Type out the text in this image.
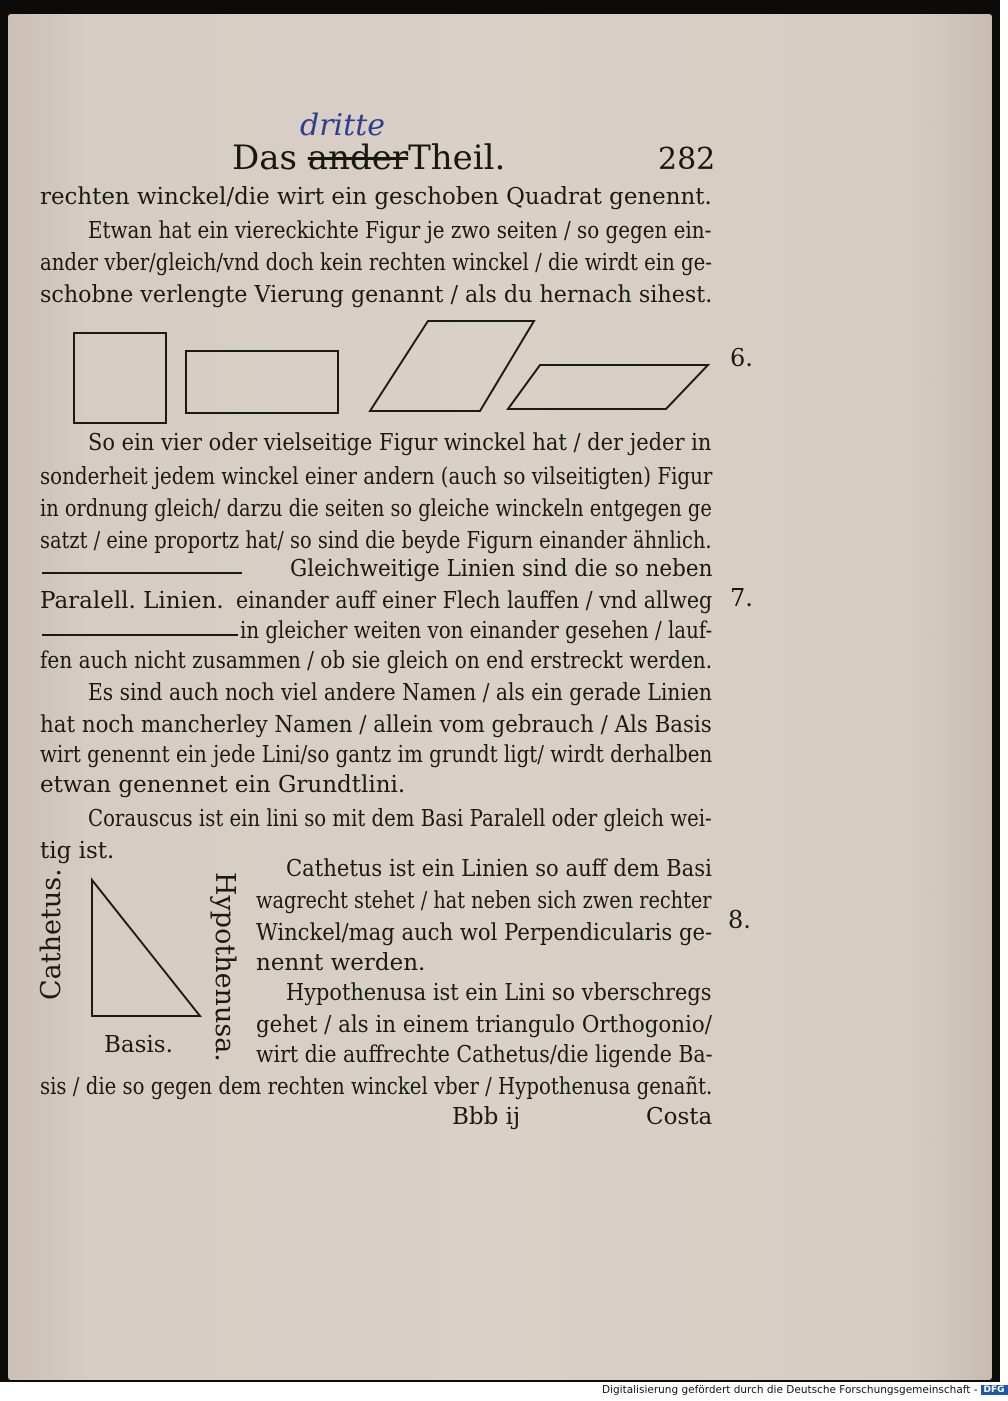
dritte
Das anderTheil.	282
rechten winckel/die wirt ein geschoben Quadrat genennt.
Etwan hat ein viereckichte Figur je zwo seiten / so gegen ein-
ander vber/gleich/vnd doch kein rechten winckel / die wirdt ein ge-
schobne verlengte Vierung genannt / als du hernach sihest.
6.
So ein vier oder vielseitige Figur winckel hat / der jeder in
sonderheit jedem winckel einer andern (auch so vilseitigten) Figur
in ordnung gleich/ darzu die seiten so gleiche winckeln entgegen ge
satzt / eine proportz hat/ so sind die beyde Figurn einander ähnlich.
Gleichweitige Linien sind die so neben
Paralell. Linien. einander auff einer Flech lauffen / vnd allweg 7.
in gleicher weiten von einander gesehen / lauf-
fen auch nicht zusammen / ob sie gleich on end erstreckt werden.
Es sind auch noch viel andere Namen / als ein gerade Linien
hat noch mancherley Namen / allein vom gebrauch / Als Basis
wirt genennt ein jede Lini/so gantz im grundt ligt/ wirdt derhalben
etwan genennet ein Grundtlini.
Corauscus ist ein lini so mit dem Basi Paralell oder gleich wei-
tig ist.
Cathetus.	Hypothenusa.
Basis.
Cathetus ist ein Linien so auff dem Basi
wagrecht stehet / hat neben sich zwen rechter
8.
Winckel/mag auch wol Perpendicularis ge-
nennt werden.
Hypothenusa ist ein Lini so vberschregs
gehet / als in einem triangulo Orthogonio/
wirt die auffrechte Cathetus/die ligende Ba-
sis / die so gegen dem rechten winckel vber / Hypothenusa genañt.
Bbb ij	Costa
Digitalisierung gefördert durch die Deutsche Forschungsgemeinschaft - DFG
